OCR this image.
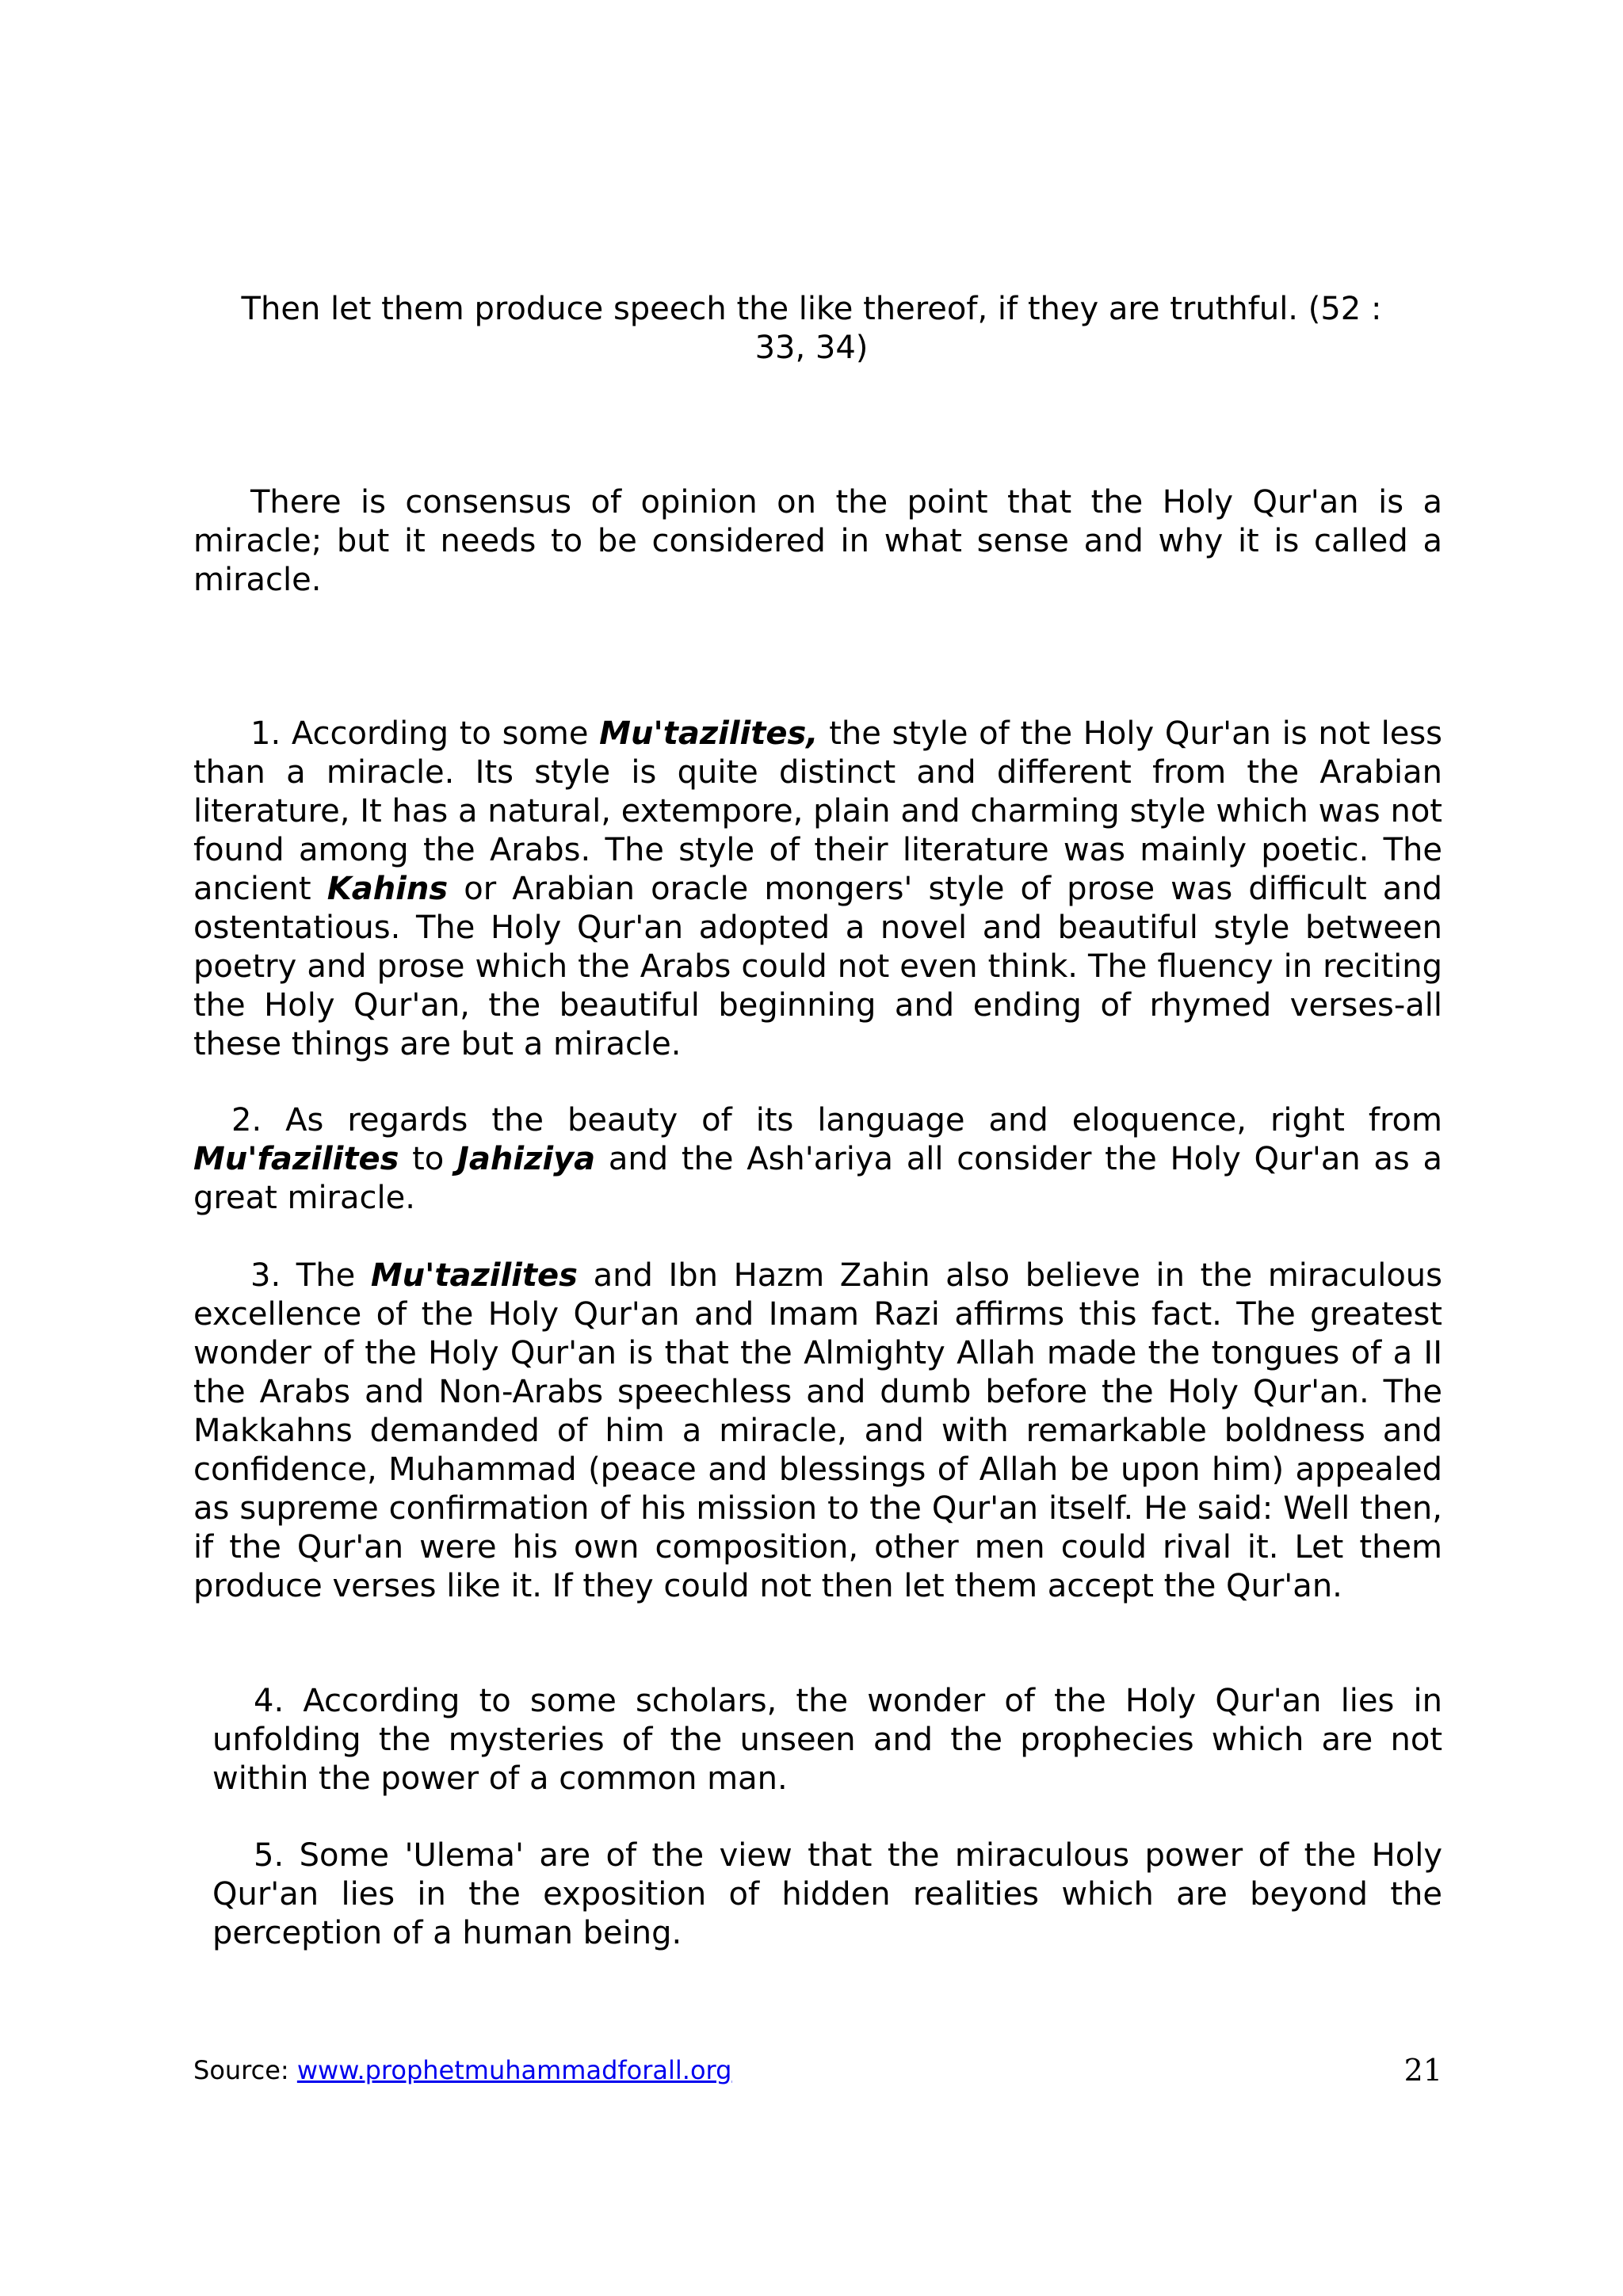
Then let them produce speech the like thereof, if they are truthful. (52 :
33, 34)

There is consensus of opinion on the point that the Holy Qur'an is a miracle; but it needs to be considered in what sense and why it is called a miracle.

1. According to some Mu'tazilites, the style of the Holy Qur'an is not less than a miracle. Its style is quite distinct and different from the Arabian literature, It has a natural, extempore, plain and charming style which was not found among the Arabs. The style of their literature was mainly poetic. The ancient Kahins or Arabian oracle mongers' style of prose was difficult and ostentatious. The Holy Qur'an adopted a novel and beautiful style between poetry and prose which the Arabs could not even think. The fluency in reciting the Holy Qur'an, the beautiful beginning and ending of rhymed verses-all these things are but a miracle.

2. As regards the beauty of its language and eloquence, right from Mu'fazilites to Jahiziya and the Ash'ariya all consider the Holy Qur'an as a great miracle.

3. The Mu'tazilites and Ibn Hazm Zahin also believe in the miraculous excellence of the Holy Qur'an and Imam Razi affirms this fact. The greatest wonder of the Holy Qur'an is that the Almighty Allah made the tongues of a II the Arabs and Non-Arabs speechless and dumb before the Holy Qur'an. The Makkahns demanded of him a miracle, and with remarkable boldness and confidence, Muhammad (peace and blessings of Allah be upon him) appealed as supreme confirmation of his mission to the Qur'an itself. He said: Well then, if the Qur'an were his own composition, other men could rival it. Let them produce verses like it. If they could not then let them accept the Qur'an.

4. According to some scholars, the wonder of the Holy Qur'an lies in unfolding the mysteries of the unseen and the prophecies which are not within the power of a common man.

5. Some 'Ulema' are of the view that the miraculous power of the Holy Qur'an lies in the exposition of hidden realities which are beyond the perception of a human being.

Source: www.prophetmuhammadforall.org	21
